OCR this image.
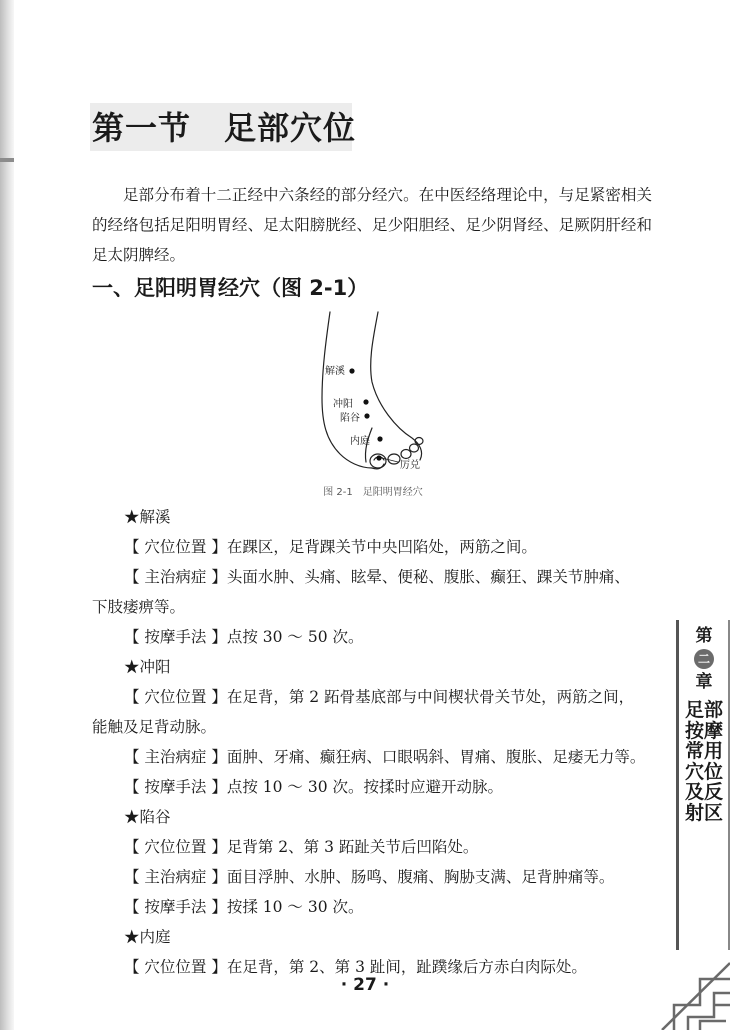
第一节　足部穴位

足部分布着十二正经中六条经的部分经穴。在中医经络理论中，与足紧密相关的经络包括足阳明胃经、足太阳膀胱经、足少阳胆经、足少阴肾经、足厥阴肝经和足太阴脾经。

一、足阳明胃经穴（图 2-1）
解溪
冲阳
陷谷
内庭
厉兑
图 2-1　足阳明胃经穴
★解溪
【 穴位位置 】在踝区，足背踝关节中央凹陷处，两筋之间。
【 主治病症 】头面水肿、头痛、眩晕、便秘、腹胀、癫狂、踝关节肿痛、
下肢痿痹等。
【 按摩手法 】点按 30 ～ 50 次。
★冲阳
【 穴位位置 】在足背，第 2 跖骨基底部与中间楔状骨关节处，两筋之间，
能触及足背动脉。
【 主治病症 】面肿、牙痛、癫狂病、口眼㖞斜、胃痛、腹胀、足痿无力等。
【 按摩手法 】点按 10 ～ 30 次。按揉时应避开动脉。
★陷谷
【 穴位位置 】足背第 2、第 3 跖趾关节后凹陷处。
【 主治病症 】面目浮肿、水肿、肠鸣、腹痛、胸胁支满、足背肿痛等。
【 按摩手法 】按揉 10 ～ 30 次。
★内庭
【 穴位位置 】在足背，第 2、第 3 趾间，趾蹼缘后方赤白肉际处。
· 27 ·
第
二
章
足部按摩常用穴位及反射区
